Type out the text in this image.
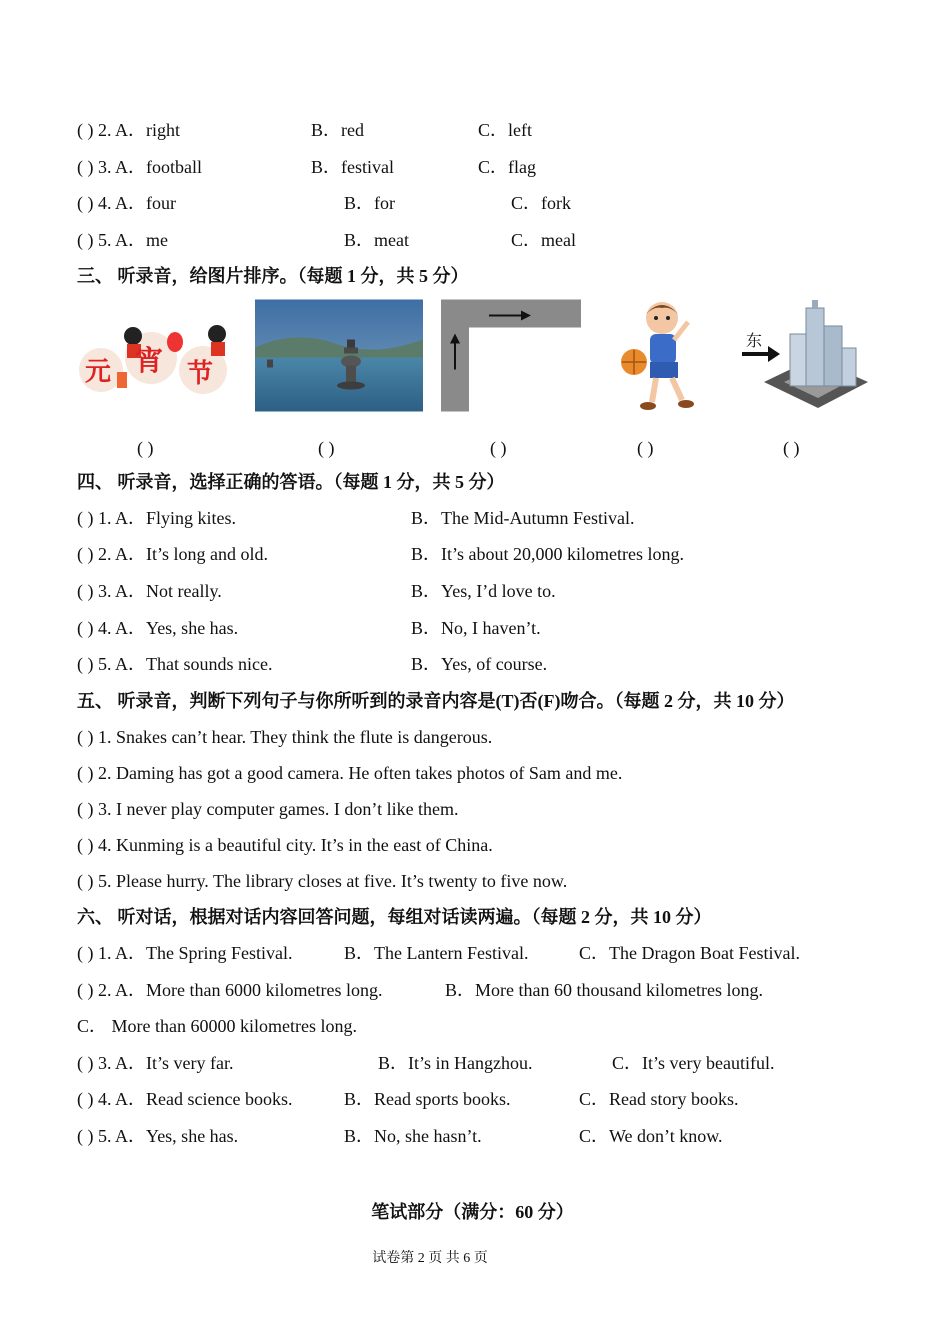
( ) 2. A．right	B．red	C．left
( ) 3. A．football	B．festival	C．flag
( ) 4. A．four	B．for	C．fork
( ) 5. A．me	B．meat	C．meal
三、 听录音，给图片排序。（每题 1 分，共 5 分）
元 宵 节
东
( )	( )	( )	( )	( )
四、 听录音，选择正确的答语。（每题 1 分，共 5 分）
( ) 1. A．Flying kites.	B．The Mid-Autumn Festival.
( ) 2. A．It’s long and old.	B．It’s about 20,000 kilometres long.
( ) 3. A．Not really.	B．Yes, I’d love to.
( ) 4. A．Yes, she has.	B．No, I haven’t.
( ) 5. A．That sounds nice.	B．Yes, of course.
五、 听录音，判断下列句子与你所听到的录音内容是(T)否(F)吻合。（每题 2 分，共 10 分）
( ) 1. Snakes can’t hear. They think the flute is dangerous.
( ) 2. Daming has got a good camera. He often takes photos of Sam and me.
( ) 3. I never play computer games. I don’t like them.
( ) 4. Kunming is a beautiful city. It’s in the east of China.
( ) 5. Please hurry. The library closes at five. It’s twenty to five now.
六、 听对话，根据对话内容回答问题，每组对话读两遍。（每题 2 分，共 10 分）
( ) 1. A．The Spring Festival.	B．The Lantern Festival.	C．The Dragon Boat Festival.
( ) 2. A．More than 6000 kilometres long.	B．More than 60 thousand kilometres long.
C． More than 60000 kilometres long.
( ) 3. A．It’s very far.	B．It’s in Hangzhou.	C．It’s very beautiful.
( ) 4. A．Read science books.	B．Read sports books.	C．Read story books.
( ) 5. A．Yes, she has.	B．No, she hasn’t.	C．We don’t know.
笔试部分（满分：60 分）
试卷第 2 页 共 6 页
